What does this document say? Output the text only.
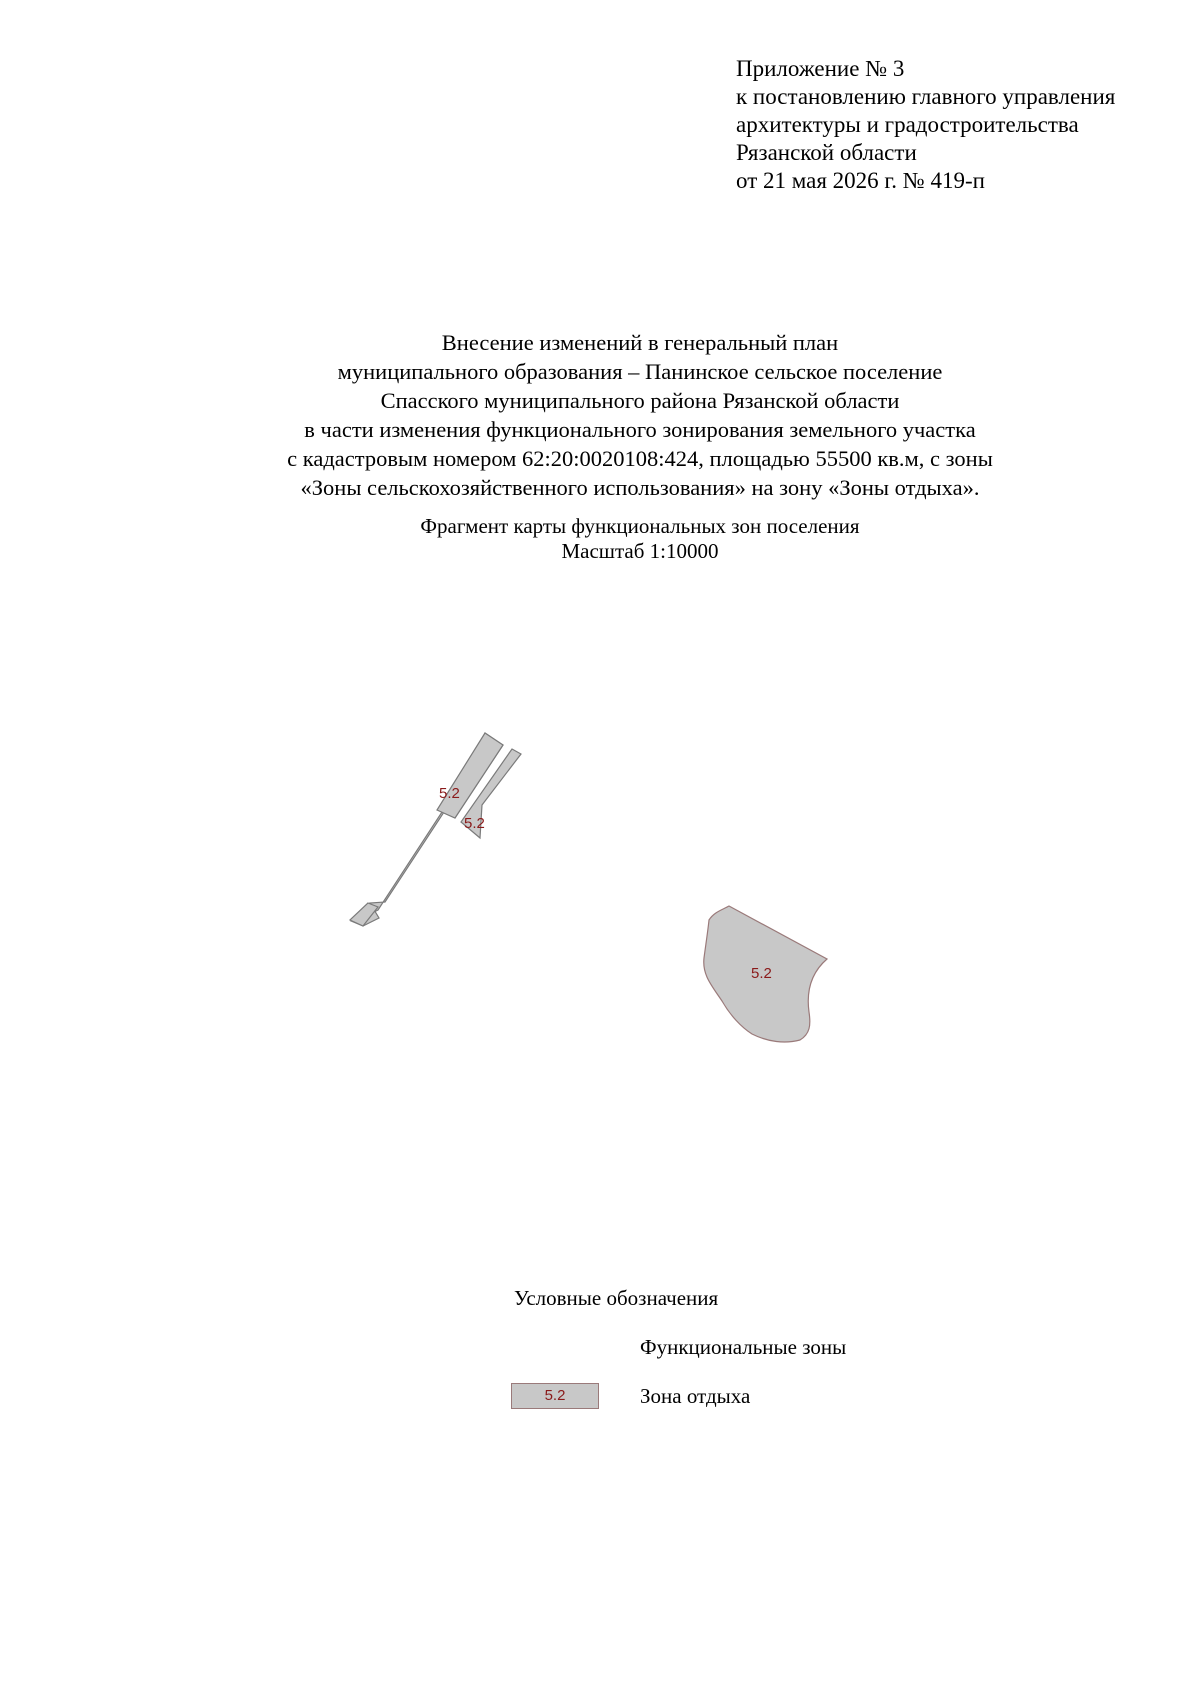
Приложение № 3
к постановлению главного управления
архитектуры и градостроительства
Рязанской области
от 21 мая 2026 г. № 419-п
Внесение изменений в генеральный план
муниципального образования – Панинское сельское поселение
Спасского муниципального района Рязанской области
в части изменения функционального зонирования земельного участка
с кадастровым номером 62:20:0020108:424, площадью 55500 кв.м, с зоны
«Зоны сельскохозяйственного использования» на зону «Зоны отдыха».
Фрагмент карты функциональных зон поселения
Масштаб 1:10000
5.2
5.2
5.2
Условные обозначения
Функциональные зоны
5.2	Зона отдыха
